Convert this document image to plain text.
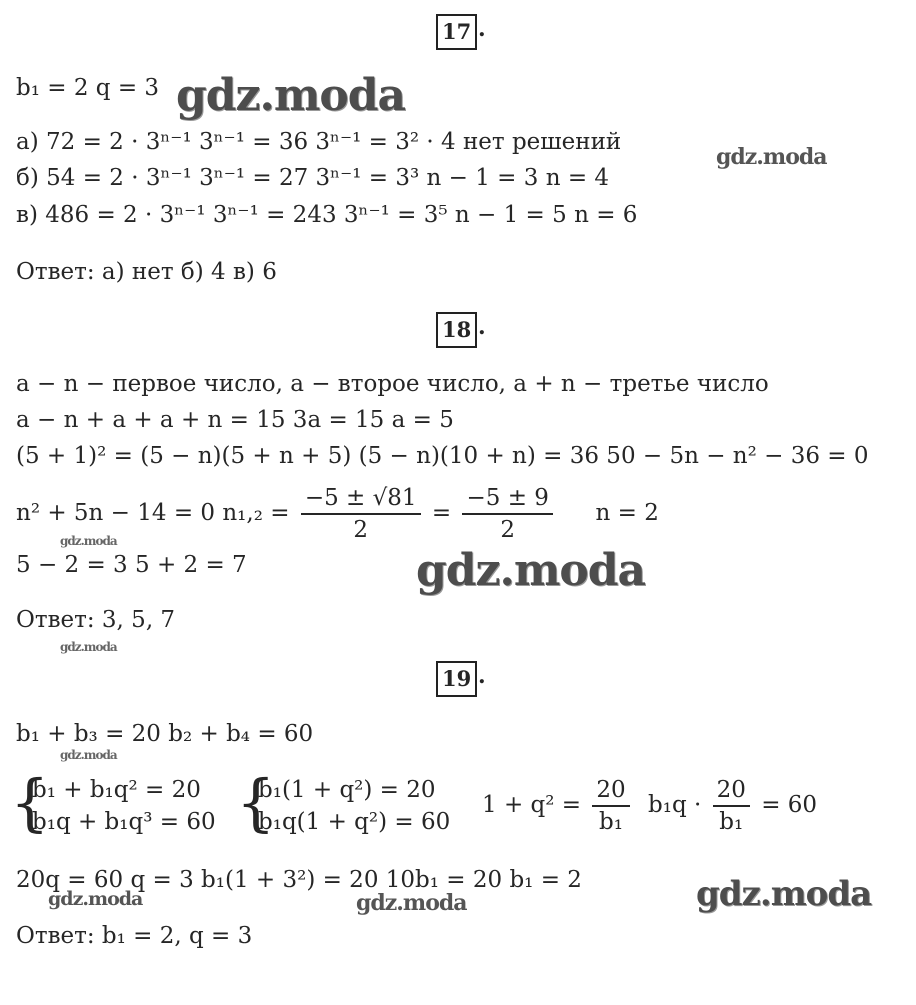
17 .
b₁ = 2 q = 3
а) 72 = 2 · 3ⁿ⁻¹ 3ⁿ⁻¹ = 36 3ⁿ⁻¹ = 3² · 4 нет решений
б) 54 = 2 · 3ⁿ⁻¹ 3ⁿ⁻¹ = 27 3ⁿ⁻¹ = 3³ n − 1 = 3 n = 4
в) 486 = 2 · 3ⁿ⁻¹ 3ⁿ⁻¹ = 243 3ⁿ⁻¹ = 3⁵ n − 1 = 5 n = 6
Ответ: а) нет б) 4 в) 6
18 .
a − n − первое число, a − второе число, a + n − третье число
a − n + a + a + n = 15 3a = 15 a = 5
(5 + 1)² = (5 − n)(5 + n + 5) (5 − n)(10 + n) = 36 50 − 5n − n² − 36 = 0
n² + 5n − 14 = 0 $n_1,_2 = \frac{-5 \pm √81}{2} = \frac{-5 \pm 9}{2}$ n = 2
5 − 2 = 3 5 + 2 = 7
Ответ: 3, 5, 7
19 .
b₁ + b₃ = 20 b₂ + b₄ = 60
{
b₁ + b₁q² = 20
b₁q + b₁q³ = 60 {
b₁(1 + q²) = 20
b₁q(1 + q²) = 60
$1 + q^2 = \frac{20}{\text{b₁}} b_1q \cdot \frac{20}{\text{b₁}} = 60$
20q = 60 q = 3 b₁(1 + 3²) = 20 10b₁ = 20 b₁ = 2
Ответ: b₁ = 2, q = 3
gdz.moda
gdz.moda
gdz.moda
gdz.moda
gdz.moda
gdz.moda
gdz.moda	gdz.moda	gdz.moda
